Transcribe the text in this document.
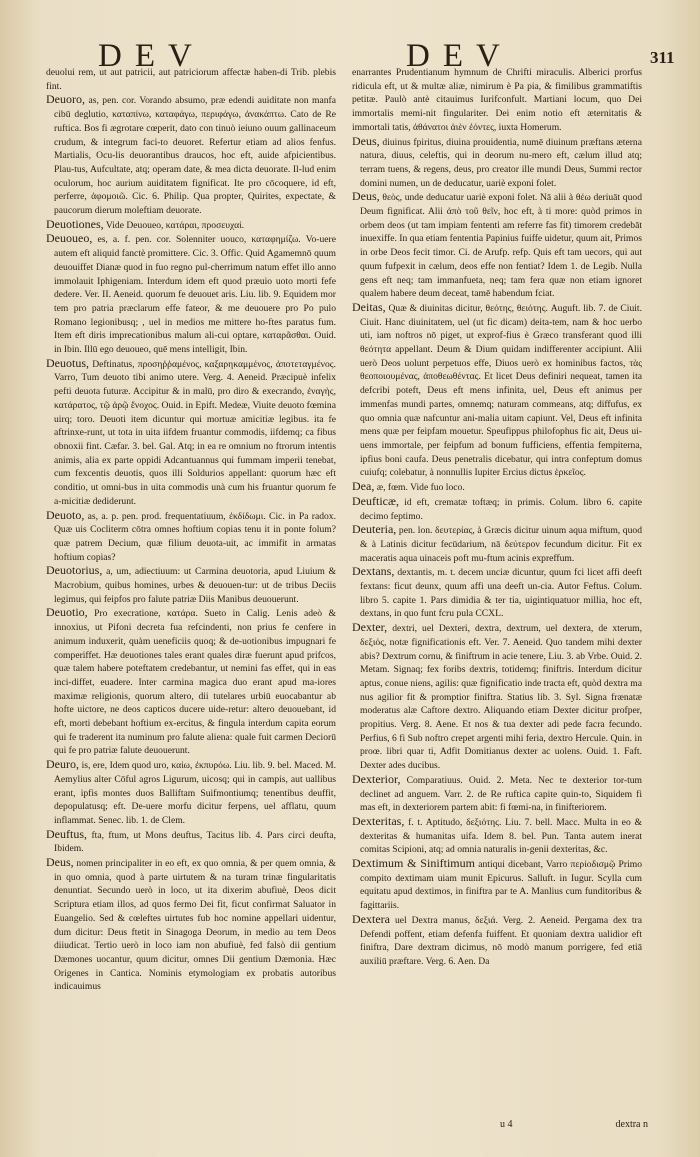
DEV	DEV	311

deuolui rem, ut aut patricii, aut patriciorum affectæ haben-di Trib. plebis fint.

Deuoro, as, pen. cor. Vorando absumo, præ edendi auiditate non manfa cibū deglutio, καταπίνω, καταφάγω, περιφάγω, ἀνακάπτω. Cato de Re ruftica. Bos fi ægrotare cœperit, dato con tinuò ieiuno ouum gallinaceum crudum, & integrum faci-to deuoret. Refertur etiam ad alios fenfus. Martialis, Ocu-lis deuorantibus draucos, hoc eft, auide afpicientibus. Plau-tus, Aufcultate, atq; operam date, & mea dicta deuorate. Il-lud enim oculorum, hoc aurium auiditatem fignificat. Ite pro cōcoquere, id eft, perferre, ἀφομοιῶ. Cic. 6. Philip. Qua propter, Quirites, expectate, & paucorum dierum moleftiam deuorate.

Deuotiones, Vide Deuoueo, κατάραι, προσευχαί.

Deuoueo, es, a. f. pen. cor. Solenniter uouco, καταφημίζω. Vo-uere autem eft aliquid fanctè promittere. Cic. 3. Offic. Quid Agamemnō quum deuouiffet Dianæ quod in fuo regno pul-cherrimum natum effet illo anno immolauit Iphigeniam. Interdum idem eft quod præuio uoto morti fefe dedere. Ver. II. Aeneid. quorum fe deuouet aris. Liu. lib. 9. Equidem mor tem pro patria præclarum effe fateor, & me deuouere pro Po pulo Romano legionibusq; , uel in medios me mittere ho-ftes paratus fum. Item eft diris imprecationibus malum ali-cui optare, καταρᾶσθαι. Ouid. in Ibin. Illū ego deuoueo, quē mens intelligit, Ibin.

Deuotus, Deftinatus, προσηῤῥαμένος, καξαρηκαμμένος, ἀποτεταγμένος. Varro, Tum deuoto tibi animo utere. Verg. 4. Aeneid. Præcipuè infelix pefti deuota futuræ. Accipitur & in malū, pro diro & execrando, ἐναγὴς, κατάρατος, τῷ ἀρῷ ἔνοχος. Ouid. in Epift. Medeæ, Viuite deuoto fœmina uirq; toro. Deuoti item dicuntur qui mortuæ amicitiæ legibus. ita fe aftrinxe-runt, ut tota in uita iifdem fruantur commodis, iifdemq; ca fibus obnoxii fint. Cæfar. 3. bel. Gal. Atq; in ea re omnium no ftrorum intentis animis, alia ex parte oppidi Adcantuannus qui fummam imperii tenebat, cum fexcentis deuotis, quos illi Soldurios appellant: quorum hæc eft conditio, ut omni-bus in uita commodis unà cum his fruantur quorum fe a-micitiæ dediderunt.

Deuoto, as, a. p. pen. prod. frequentatiuum, ἐκδίδωμι. Cic. in Pa radox. Quæ uis Cocliterm cōtra omnes hoftium copias tenu it in ponte folum? quæ patrem Decium, quæ filium deuota-uit, ac immifit in armatas hoftium copias?

Deuotorius, a, um, adiectiuum: ut Carmina deuotoria, apud Liuium & Macrobium, quibus homines, urbes & deuouen-tur: ut de tribus Deciis legimus, qui feipfos pro falute patriæ Diis Manibus deuouerunt.

Deuotio, Pro execratione, κατάρα. Sueto in Calig. Lenis adeò & innoxius, ut Pifoni decreta fua refcindenti, non prius fe cenfere in animum induxerit, quàm ueneficiis quoq; & de-uotionibus impugnari fe comperiffet. Hæ deuotiones tales erant quales diræ fuerunt apud prifcos, quæ talem habere poteftatem credebantur, ut nemini fas effet, qui in eas inci-diffet, euadere. Inter carmina magica duo erant apud ma-iores maximæ religionis, quorum altero, dii tutelares urbiū euocabantur ab hofte uictore, ne deos capticos ducere uide-retur: altero deuouebant, id eft, morti debebant hoftium ex-ercitus, & fingula interdum capita eorum qui fe traderent ita numinum pro falute aliena: quale fuit carmen Deciorū qui fe pro patriæ falute deuouerunt.

Deuro, is, ere, Idem quod uro, καίω, ἐκπυρόω. Liu. lib. 9. bel. Maced. M. Aemylius alter Cōful agros Ligurum, uicosq; qui in campis, aut uallibus erant, ipfis montes duos Balliftam Suifmontiumq; tenentibus deuffit, depopulatusq; eft. De-uere morfu dicitur ferpens, uel afflatu, quum inflammat. Senec. lib. 1. de Clem.

Deuftus, fta, ftum, ut Mons deuftus, Tacitus lib. 4. Pars circi deufta, Ibidem.

Deus, nomen principaliter in eo eft, ex quo omnia, & per quem omnia, & in quo omnia, quod à parte uirtutem & na turam trinæ fingularitatis denuntiat. Secundo uerò in loco, ut ita dixerim abufiuè, Deos dicit Scriptura etiam illos, ad quos fermo Dei fit, ficut confirmat Saluator in Euangelio. Sed & cœleftes uirtutes fub hoc nomine appellari uidentur, dum dicitur: Deus ftetit in Sinagoga Deorum, in medio au tem Deos diiudicat. Tertio uerò in loco iam non abufiuè, fed falsò dii gentium Dæmones uocantur, quum dicitur, omnes Dii gentium Dæmonia. Hæc Origenes in Cantica. Nominis etymologiam ex probatis autoribus indicauimus

enarrantes Prudentianum hymnum de Chrifti miraculis. Alberici prorfus ridicula eft, ut & multæ aliæ, nimirum è Pa pia, & fimilibus grammatiftis petitæ. Paulò antè citauimus Iurifconfult. Martiani locum, quo Dei immortalis memi-nit fingulariter. Dei enim notio eft æternitatis & immortali tatis, ἀθάνατοι ἀιὲν ἐόντες, iuxta Homerum.

Deus, diuinus fpiritus, diuina prouidentia, numē diuinum præftans æterna natura, diuus, celeftis, qui in deorum nu-mero eft, cælum illud atq; terram tuens, & regens, deus, pro creator ille mundi Deus, Summi rector domini numen, un de deducatur, uariè exponi folet.

Deus, θεὸς, unde deducatur uariè exponi folet. Nā alii à θέω deriuāt quod Deum fignificat. Alii ἀπὸ τοῦ θεῖν, hoc eft, à ti more: quòd primos in orbem deos (ut tam impiam fententi am referre fas fit) timorem credebāt inuexiffe. In qua etiam fententia Papinius fuiffe uidetur, quum ait, Primos in orbe Deos fecit timor. Ci. de Arufp. refp. Quis eft tam uecors, qui aut quum fufpexit in cælum, deos effe non fentiat? Idem 1. de Legib. Nulla gens eft neq; tam immanfueta, neq; tam fera quæ non etiam ignoret qualem habere deum deceat, tamē habendum fciat.

Deitas, Quæ & diuinitas dicitur, θεότης, θειότης. Auguft. lib. 7. de Ciuit. Ciuit. Hanc diuinitatem, uel (ut fic dicam) deita-tem, nam & hoc uerbo uti, iam noftros nō piget, ut exprof-fius è Græco transferant quod illi θεότητα appellant. Deum & Dium quidam indifferenter accipiunt. Alii uerò Deos uolunt perpetuos effe, Diuos uerò ex hominibus factos, τὰς θεοποιουμένας, ἀποθεωθέντας. Et licet Deus definiri nequeat, tamen ita defcribi poteft, Deus eft mens infinita, uel, Deus eft animus per immenfas mundi partes, omnemq; naturam commeans, atq; diffufus, ex quo omnia quæ nafcuntur ani-malia uitam capiunt. Vel, Deus eft infinita mens quæ per feipfam mouetur. Speufippus philofophus fic ait, Deus ui-uens immortale, per feipfum ad bonum fufficiens, effentia fempiterna, ipfius boni caufa. Deus penetralis dicebatur, qui intra confeptum domus cuiufq; colebatur, à nonnullis Iupiter Ercius dictus ἑρκεῖος.

Dea, æ, fœm. Vide fuo loco.

Deufticæ, id eft, crematæ toftæq; in primis. Colum. libro 6. capite decimo feptimo.

Deuteria, pen. lon. δευτερίας, à Græcis dicitur uinum aqua miftum, quod & à Latinis dicitur fecūdarium, nā δεύτερον fecundum dicitur. Fit ex maceratis aqua uinaceis poft mu-ftum acinis expreffum.

Dextans, dextantis, m. t. decem unciæ dicuntur, quum fci licet affi deeft fextans: ficut deunx, quum affi una deeft un-cia. Autor Feftus. Colum. libro 5. capite 1. Pars dimidia & ter tia, uigintiquatuor millia, hoc eft, dextans, in quo funt fcru pula CCXL.

Dexter, dextri, uel Dexteri, dextra, dextrum, uel dextera, de xterum, δεξιός, notæ fignificationis eft. Ver. 7. Aeneid. Quo tandem mihi dexter abis? Dextrum cornu, & finiftrum in acie tenere, Liu. 3. ab Vrbe. Ouid. 2. Metam. Signaq; fex foribs dextris, totidemq; finiftris. Interdum dicitur aptus, conue niens, agilis: quæ fignificatio inde tracta eft, quòd dextra ma nus agilior fit & promptior finiftra. Statius lib. 3. Syl. Signa frænatæ moderatus alæ Caftore dextro. Aliquando etiam Dexter dicitur profper, propitius. Verg. 8. Aene. Et nos & tua dexter adi pede facra fecundo. Perfius, 6 fi Sub noftro crepet argenti mihi feria, dextro Hercule. Quin. in proœ. libri quar ti, Adfit Domitianus dexter ac uolens. Ouid. 1. Faft. Dexter ades ducibus.

Dexterior, Comparatiuus. Ouid. 2. Meta. Nec te dexterior tor-tum declinet ad anguem. Varr. 2. de Re ruftica capite quin-to, Siquidem fi mas eft, in dexteriorem partem abit: fi fœmi-na, in finifteriorem.

Dexteritas, f. t. Aptitudo, δεξιότης. Liu. 7. bell. Macc. Multa in eo & dexteritas & humanitas uifa. Idem 8. bel. Pun. Tanta autem inerat comitas Scipioni, atq; ad omnia naturalis in-genii dexteritas, &c.

Dextimum & Siniftimum antiqui dicebant, Varro περίοδισμῷ Primo compito dextimam uiam munit Epicurus. Salluft. in Iugur. Scylla cum equitatu apud dextimos, in finiftra par te A. Manlius cum funditoribus & fagittariis.

Dextera uel Dextra manus, δεξιά. Verg. 2. Aeneid. Pergama dex tra Defendi poffent, etiam defenfa fuiffent. Et quoniam dextra ualidior eft finiftra, Dare dextram dicimus, nō modò manum porrigere, fed etiā auxiliū præftare. Verg. 6. Aen. Da

u 4	dextra n
